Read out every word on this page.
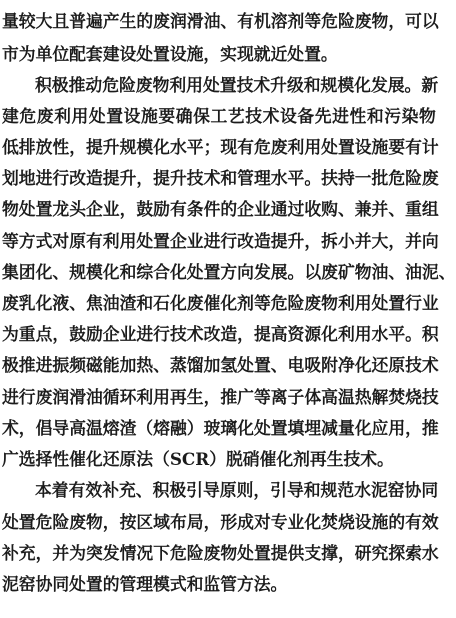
量 较 大 且 普 遍 产 生 的 废 润 滑 油 、 有 机 溶 剂 等 危 险 废 物 ， 可 以
市为单位配套建设处置设施，实现就近处置。
积 极 推 动 危 险 废 物 利 用 处 置 技 术 升 级 和 规 模 化 发 展 。 新
建 危 废 利 用 处 置 设 施 要 确 保 工 艺 技 术 设 备 先 进 性 和 污 染 物
低 排 放 性 ， 提 升 规 模 化 水 平 ； 现 有 危 废 利 用 处 置 设 施 要 有 计
划 地 进 行 改 造 提 升 ， 提 升 技 术 和 管 理 水 平 。 扶 持 一 批 危 险 废
物 处 置 龙 头 企 业 ， 鼓 励 有 条 件 的 企 业 通 过 收 购 、 兼 并 、 重 组
等 方 式 对 原 有 利 用 处 置 企 业 进 行 改 造 提 升 ， 拆 小 并 大 ， 并 向
集 团 化 、 规 模 化 和 综 合 化 处 置 方 向 发 展 。 以 废 矿 物 油 、 油 泥 、
废 乳 化 液 、 焦 油 渣 和 石 化 废 催 化 剂 等 危 险 废 物 利 用 处 置 行 业
为 重 点 ， 鼓 励 企 业 进 行 技 术 改 造 ， 提 高 资 源 化 利 用 水 平 。 积
极 推 进 振 频 磁 能 加 热 、 蒸 馏 加 氢 处 置 、 电 吸 附 净 化 还 原 技 术
进 行 废 润 滑 油 循 环 利 用 再 生 ， 推 广 等 离 子 体 高 温 热 解 焚 烧 技
术 ， 倡 导 高 温 熔 渣 （ 熔 融 ） 玻 璃 化 处 置 填 埋 减 量 化 应 用 ， 推
广选择性催化还原法（SCR）脱硝催化剂再生技术。
本 着 有 效 补 充 、 积 极 引 导 原 则 ， 引 导 和 规 范 水 泥 窑 协 同
处 置 危 险 废 物 ， 按 区 域 布 局 ， 形 成 对 专 业 化 焚 烧 设 施 的 有 效
补 充 ， 并 为 突 发 情 况 下 危 险 废 物 处 置 提 供 支 撑 ， 研 究 探 索 水
泥窑协同处置的管理模式和监管方法。
